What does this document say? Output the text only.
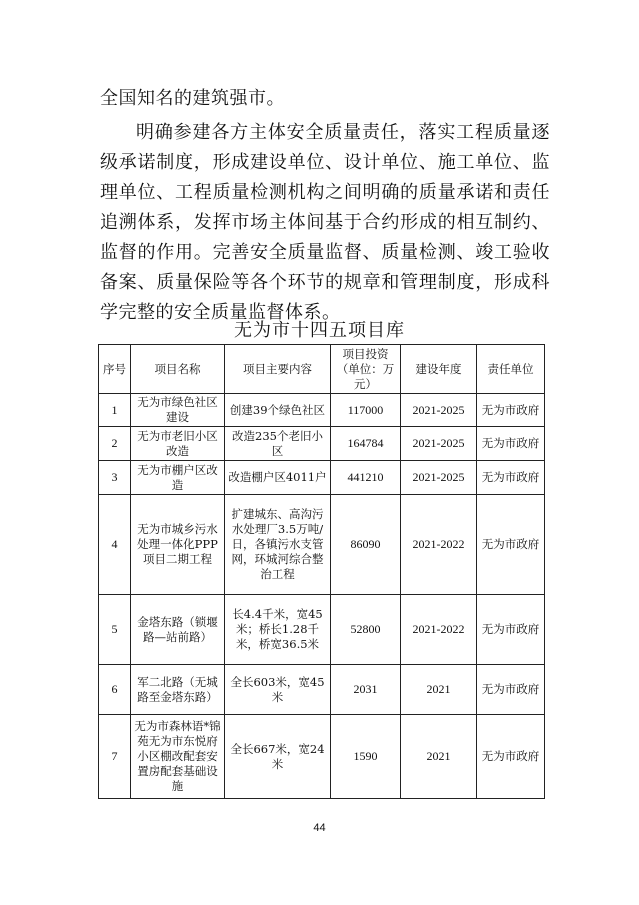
全国知名的建筑强市。

明确参建各方主体安全质量责任，落实工程质量逐级承诺制度，形成建设单位、设计单位、施工单位、监理单位、工程质量检测机构之间明确的质量承诺和责任追溯体系，发挥市场主体间基于合约形成的相互制约、监督的作用。完善安全质量监督、质量检测、竣工验收备案、质量保险等各个环节的规章和管理制度，形成科学完整的安全质量监督体系。

无为市十四五项目库
序号	项目名称	项目主要内容	项目投资（单位：万元）	建设年度	责任单位
1	无为市绿色社区建设	创建39个绿色社区	117000	2021-2025	无为市政府
2	无为市老旧小区改造	改造235个老旧小区	164784	2021-2025	无为市政府
3	无为市棚户区改造	改造棚户区4011户	441210	2021-2025	无为市政府
4	无为市城乡污水处理一体化PPP项目二期工程	扩建城东、高沟污水处理厂3.5万吨/日，各镇污水支管网，环城河综合整治工程	86090	2021-2022	无为市政府
5	金塔东路（锁堰路—站前路）	长4.4千米，宽45米；桥长1.28千米，桥宽36.5米	52800	2021-2022	无为市政府
6	军二北路（无城路至金塔东路）	全长603米，宽45米	2031	2021	无为市政府
7	无为市森林语*锦苑无为市东悦府小区棚改配套安置房配套基础设施	全长667米，宽24米	1590	2021	无为市政府
44
